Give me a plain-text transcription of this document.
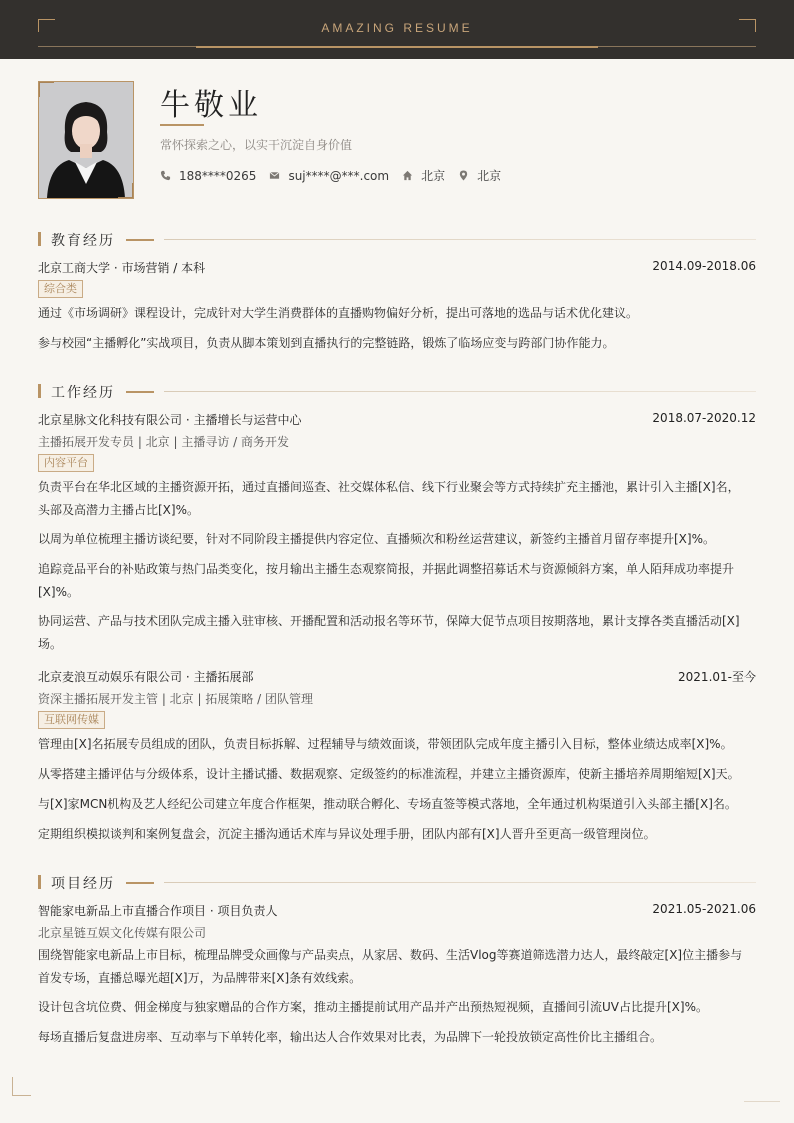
AMAZING RESUME
牛敬业
常怀探索之心，以实干沉淀自身价值
188****0265	suj****@***.com	北京	北京
教育经历
北京工商大学 · 市场营销 / 本科	2014.09-2018.06
综合类
通过《市场调研》课程设计，完成针对大学生消费群体的直播购物偏好分析，提出可落地的选品与话术优化建议。
参与校园“主播孵化”实战项目，负责从脚本策划到直播执行的完整链路，锻炼了临场应变与跨部门协作能力。
工作经历
北京星脉文化科技有限公司 · 主播增长与运营中心	2018.07-2020.12
主播拓展开发专员 | 北京 | 主播寻访 / 商务开发
内容平台
负责平台在华北区域的主播资源开拓，通过直播间巡查、社交媒体私信、线下行业聚会等方式持续扩充主播池，累计引入主播[X]名，头部及高潜力主播占比[X]%。
以周为单位梳理主播访谈纪要，针对不同阶段主播提供内容定位、直播频次和粉丝运营建议，新签约主播首月留存率提升[X]%。
追踪竞品平台的补贴政策与热门品类变化，按月输出主播生态观察简报，并据此调整招募话术与资源倾斜方案，单人陌拜成功率提升[X]%。
协同运营、产品与技术团队完成主播入驻审核、开播配置和活动报名等环节，保障大促节点项目按期落地，累计支撑各类直播活动[X]场。
北京麦浪互动娱乐有限公司 · 主播拓展部	2021.01-至今
资深主播拓展开发主管 | 北京 | 拓展策略 / 团队管理
互联网传媒
管理由[X]名拓展专员组成的团队，负责目标拆解、过程辅导与绩效面谈，带领团队完成年度主播引入目标，整体业绩达成率[X]%。
从零搭建主播评估与分级体系，设计主播试播、数据观察、定级签约的标准流程，并建立主播资源库，使新主播培养周期缩短[X]天。
与[X]家MCN机构及艺人经纪公司建立年度合作框架，推动联合孵化、专场直签等模式落地，全年通过机构渠道引入头部主播[X]名。
定期组织模拟谈判和案例复盘会，沉淀主播沟通话术库与异议处理手册，团队内部有[X]人晋升至更高一级管理岗位。
项目经历
智能家电新品上市直播合作项目 · 项目负责人	2021.05-2021.06
北京星链互娱文化传媒有限公司
围绕智能家电新品上市目标，梳理品牌受众画像与产品卖点，从家居、数码、生活Vlog等赛道筛选潜力达人，最终敲定[X]位主播参与首发专场，直播总曝光超[X]万，为品牌带来[X]条有效线索。
设计包含坑位费、佣金梯度与独家赠品的合作方案，推动主播提前试用产品并产出预热短视频，直播间引流UV占比提升[X]%。
每场直播后复盘进房率、互动率与下单转化率，输出达人合作效果对比表，为品牌下一轮投放锁定高性价比主播组合。
